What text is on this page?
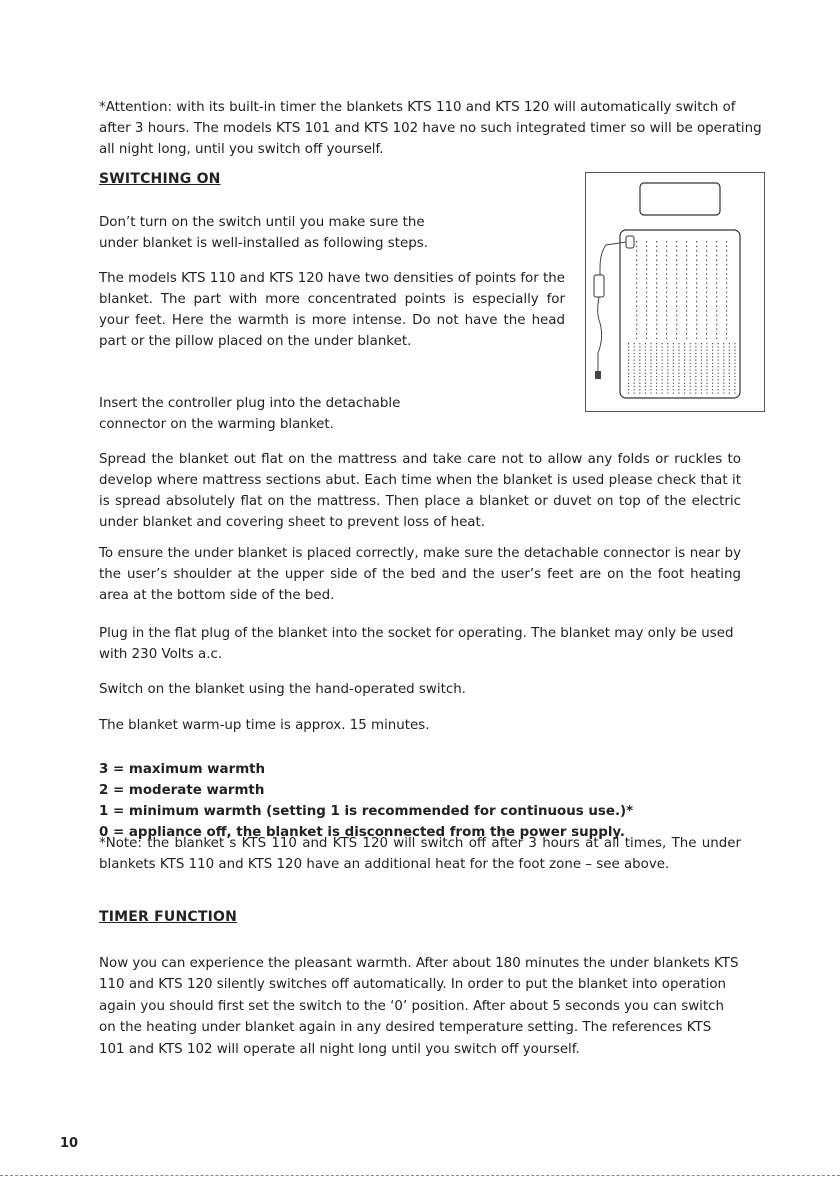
*Attention: with its built-in timer the blankets KTS 110 and KTS 120 will automatically switch of after 3 hours. The models KTS 101 and KTS 102 have no such integrated timer so will be operating all night long, until you switch off yourself.

SWITCHING ON

Don’t turn on the switch until you make sure the under blanket is well-installed as following steps.

The models KTS 110 and KTS 120 have two densities of points for the blanket. The part with more concentrated points is especially for your feet. Here the warmth is more intense. Do not have the head part or the pillow placed on the under blanket.

Insert the controller plug into the detachable connector on the warming blanket.

Spread the blanket out flat on the mattress and take care not to allow any folds or ruckles to develop where mattress sections abut. Each time when the blanket is used please check that it is spread absolutely flat on the mattress. Then place a blanket or duvet on top of the electric under blanket and covering sheet to prevent loss of heat.

To ensure the under blanket is placed correctly, make sure the detachable connector is near by the user’s shoulder at the upper side of the bed and the user’s feet are on the foot heating area at the bottom side of the bed.

Plug in the flat plug of the blanket into the socket for operating. The blanket may only be used with 230 Volts a.c.

Switch on the blanket using the hand-operated switch.

The blanket warm-up time is approx. 15 minutes.

3 = maximum warmth
2 = moderate warmth
1 = minimum warmth (setting 1 is recommended for continuous use.)*
0 = appliance off, the blanket is disconnected from the power supply.

*Note: the blanket s KTS 110 and KTS 120 will switch off after 3 hours at all times, The under blankets KTS 110 and KTS 120 have an additional heat for the foot zone – see above.

TIMER FUNCTION

Now you can experience the pleasant warmth. After about 180 minutes the under blankets KTS 110 and KTS 120 silently switches off automatically. In order to put the blanket into operation again you should first set the switch to the ‘0’ position. After about 5 seconds you can switch on the heating under blanket again in any desired temperature setting. The references KTS 101 and KTS 102 will operate all night long until you switch off yourself.

10
